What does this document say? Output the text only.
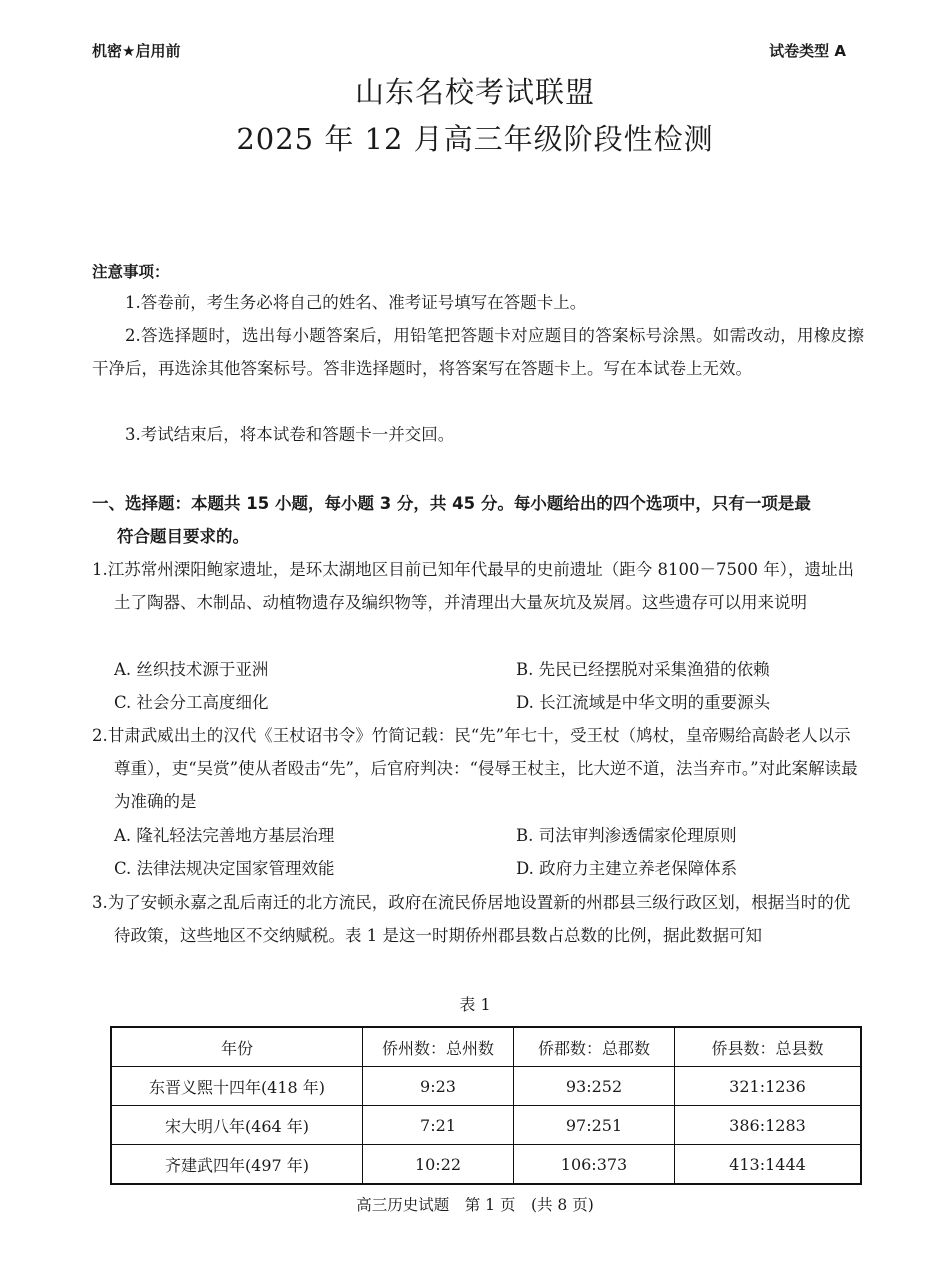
机密★启用前	试卷类型 A
山东名校考试联盟
2025 年 12 月高三年级阶段性检测
注意事项：
1.答卷前，考生务必将自己的姓名、准考证号填写在答题卡上。
2.答选择题时，选出每小题答案后，用铅笔把答题卡对应题目的答案标号涂黑。如需改动，用橡皮擦干净后，再选涂其他答案标号。答非选择题时，将答案写在答题卡上。写在本试卷上无效。
3.考试结束后，将本试卷和答题卡一并交回。
一、选择题：本题共 15 小题，每小题 3 分，共 45 分。每小题给出的四个选项中，只有一项是最
符合题目要求的。
1.江苏常州溧阳鲍家遗址，是环太湖地区目前已知年代最早的史前遗址（距今 8100－7500 年），遗址出土了陶器、木制品、动植物遗存及编织物等，并清理出大量灰坑及炭屑。这些遗存可以用来说明
A. 丝织技术源于亚洲	B. 先民已经摆脱对采集渔猎的依赖
C. 社会分工高度细化	D. 长江流域是中华文明的重要源头
2.甘肃武威出土的汉代《王杖诏书令》竹简记载：民“先”年七十，受王杖（鸠杖，皇帝赐给高龄老人以示尊重），吏“吴赏”使从者殴击“先”，后官府判决：“侵辱王杖主，比大逆不道，法当弃市。”对此案解读最为准确的是
A. 隆礼轻法完善地方基层治理	B. 司法审判渗透儒家伦理原则
C. 法律法规决定国家管理效能	D. 政府力主建立养老保障体系
3.为了安顿永嘉之乱后南迁的北方流民，政府在流民侨居地设置新的州郡县三级行政区划，根据当时的优待政策，这些地区不交纳赋税。表 1 是这一时期侨州郡县数占总数的比例，据此数据可知
表 1
年份	侨州数：总州数	侨郡数：总郡数	侨县数：总县数
东晋义熙十四年(418 年)	9:23	93:252	321:1236
宋大明八年(464 年)	7:21	97:251	386:1283
齐建武四年(497 年)	10:22	106:373	413:1444
高三历史试题　第 1 页　(共 8 页)
